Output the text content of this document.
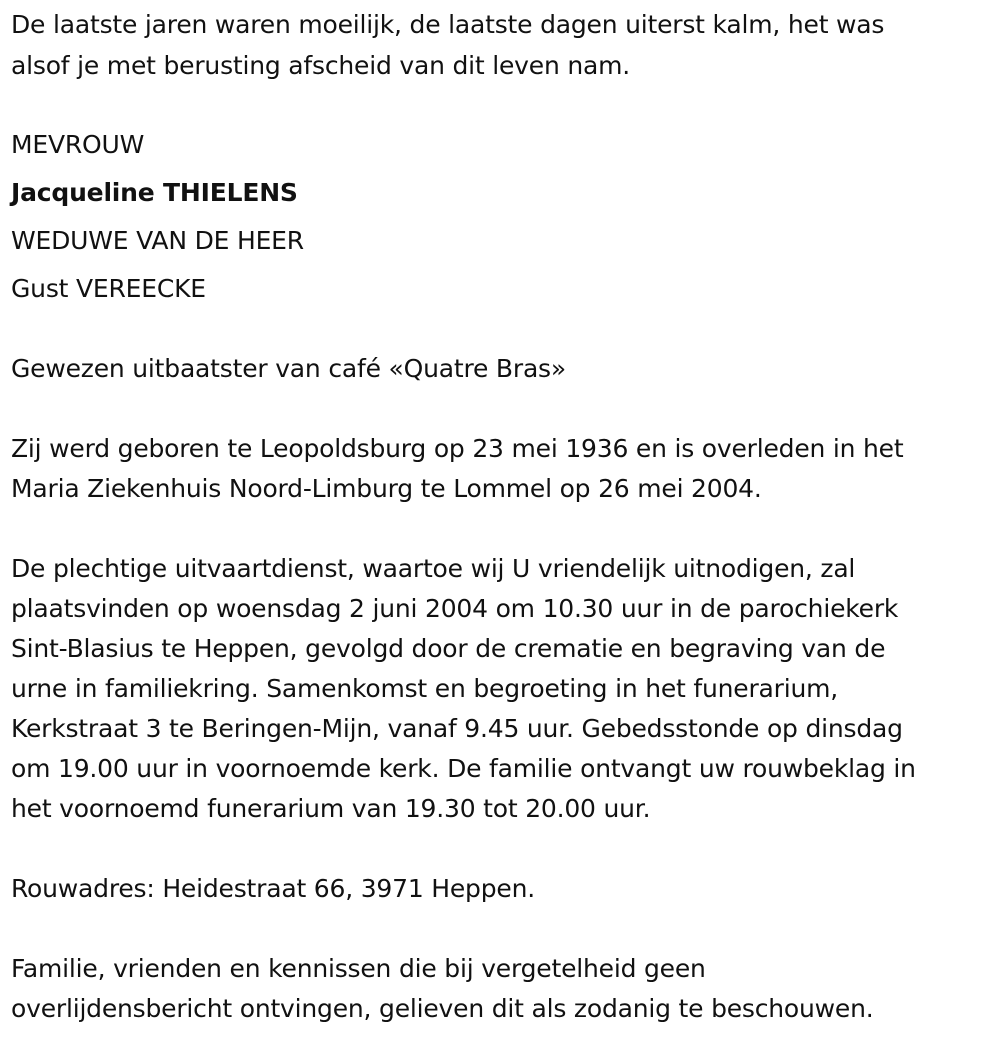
De laatste jaren waren moeilijk, de laatste dagen uiterst kalm, het was
alsof je met berusting afscheid van dit leven nam.
MEVROUW
Jacqueline THIELENS
WEDUWE VAN DE HEER
Gust VEREECKE
Gewezen uitbaatster van café «Quatre Bras»
Zij werd geboren te Leopoldsburg op 23 mei 1936 en is overleden in het
Maria Ziekenhuis Noord-Limburg te Lommel op 26 mei 2004.
De plechtige uitvaartdienst, waartoe wij U vriendelijk uitnodigen, zal
plaatsvinden op woensdag 2 juni 2004 om 10.30 uur in de parochiekerk
Sint-Blasius te Heppen, gevolgd door de crematie en begraving van de
urne in familiekring. Samenkomst en begroeting in het funerarium,
Kerkstraat 3 te Beringen-Mijn, vanaf 9.45 uur. Gebedsstonde op dinsdag
om 19.00 uur in voornoemde kerk. De familie ontvangt uw rouwbeklag in
het voornoemd funerarium van 19.30 tot 20.00 uur.
Rouwadres: Heidestraat 66, 3971 Heppen.
Familie, vrienden en kennissen die bij vergetelheid geen
overlijdensbericht ontvingen, gelieven dit als zodanig te beschouwen.
